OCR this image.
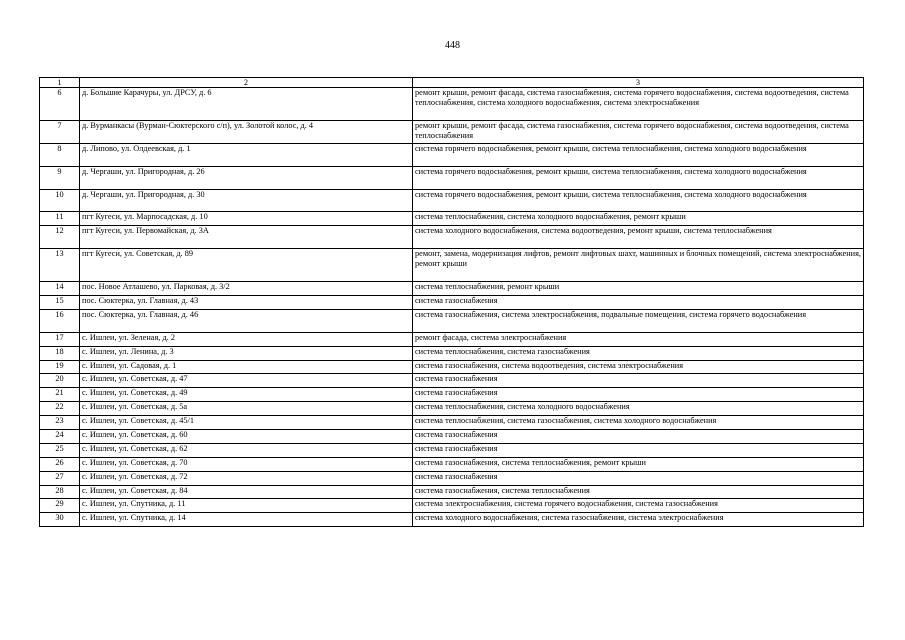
448
1	2	3
6	д. Большие Карачуры, ул. ДРСУ, д. 6	ремонт крыши, ремонт фасада, система газоснабжения, система горячего водоснабжения, система водоотведения, система теплоснабжения, система холодного водоснабжения, система электроснабжения
7	д. Вурманкасы (Вурман-Сюктерского с/п), ул. Золотой колос, д. 4	ремонт крыши, ремонт фасада, система газоснабжения, система горячего водоснабжения, система водоотведения, система теплоснабжения
8	д. Липово, ул. Олдеевская, д. 1	система горячего водоснабжения, ремонт крыши, система теплоснабжения, система холодного водоснабжения
9	д. Чергаши, ул. Пригородная, д. 26	система горячего водоснабжения, ремонт крыши, система теплоснабжения, система холодного водоснабжения
10	д. Чергаши, ул. Пригородная, д. 30	система горячего водоснабжения, ремонт крыши, система теплоснабжения, система холодного водоснабжения
11	пгт Кугеси, ул. Марпосадская, д. 10	система теплоснабжения, система холодного водоснабжения, ремонт крыши
12	пгт Кугеси, ул. Первомайская, д. 3А	система холодного водоснабжения, система водоотведения, ремонт крыши, система теплоснабжения
13	пгт Кугеси, ул. Советская, д. 89	ремонт, замена, модернизация лифтов, ремонт лифтовых шахт, машинных и блочных помещений, система электроснабжения, ремонт крыши
14	пос. Новое Атлашево, ул. Парковая, д. 3/2	система теплоснабжения, ремонт крыши
15	пос. Сюктерка, ул. Главная, д. 43	система газоснабжения
16	пос. Сюктерка, ул. Главная, д. 46	система газоснабжения, система электроснабжения, подвальные помещения, система горячего водоснабжения
17	с. Ишлеи, ул. Зеленая, д. 2	ремонт фасада, система электроснабжения
18	с. Ишлеи, ул. Ленина, д. 3	система теплоснабжения, система газоснабжения
19	с. Ишлеи, ул. Садовая, д. 1	система газоснабжения, система водоотведения, система электроснабжения
20	с. Ишлеи, ул. Советская, д. 47	система газоснабжения
21	с. Ишлеи, ул. Советская, д. 49	система газоснабжения
22	с. Ишлеи, ул. Советская, д. 5а	система теплоснабжения, система холодного водоснабжения
23	с. Ишлеи, ул. Советская, д. 45/1	система теплоснабжения, система газоснабжения, система холодного водоснабжения
24	с. Ишлеи, ул. Советская, д. 60	система газоснабжения
25	с. Ишлеи, ул. Советская, д. 62	система газоснабжения
26	с. Ишлеи, ул. Советская, д. 70	система газоснабжения, система теплоснабжения, ремонт крыши
27	с. Ишлеи, ул. Советская, д. 72	система газоснабжения
28	с. Ишлеи, ул. Советская, д. 84	система газоснабжения, система теплоснабжения
29	с. Ишлеи, ул. Спутника, д. 11	система электроснабжения, система горячего водоснабжения, система газоснабжения
30	с. Ишлеи, ул. Спутника, д. 14	система холодного водоснабжения, система газоснабжения, система электроснабжения
